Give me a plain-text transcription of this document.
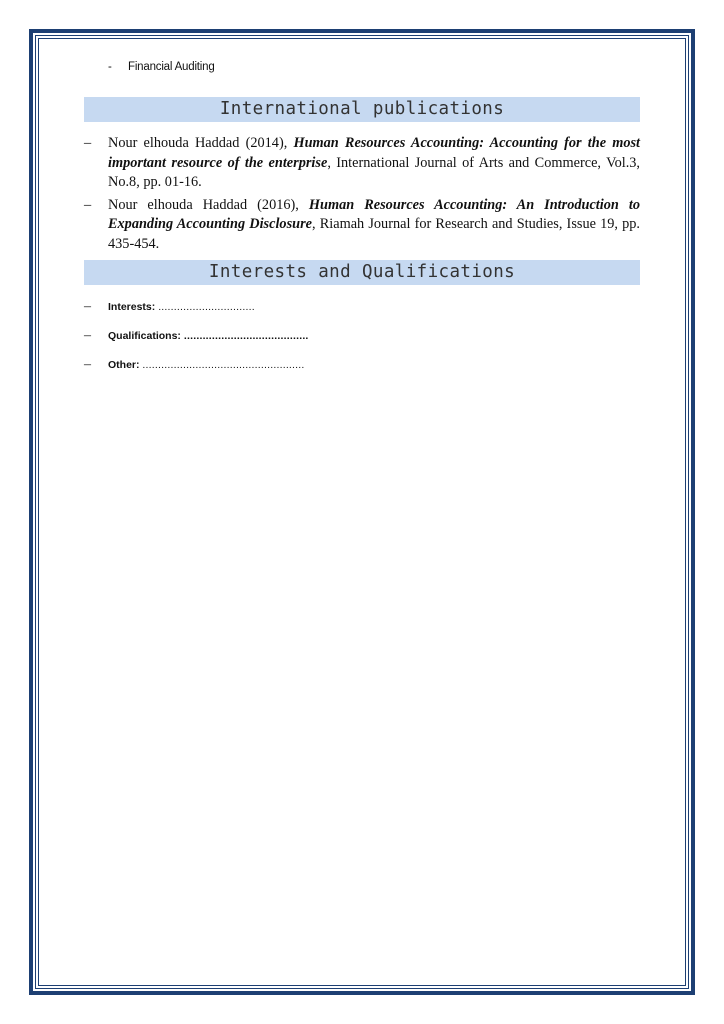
- Financial Auditing
International publications
– Nour elhouda Haddad (2014), Human Resources Accounting: Accounting for the most important resource of the enterprise, International Journal of Arts and Commerce, Vol.3, No.8, pp. 01-16.
– Nour elhouda Haddad (2016), Human Resources Accounting: An Introduction to Expanding Accounting Disclosure, Riamah Journal for Research and Studies, Issue 19, pp. 435-454.
Interests and Qualifications
– Interests: ...............................
– Qualifications: ........................................
– Other: ....................................................
